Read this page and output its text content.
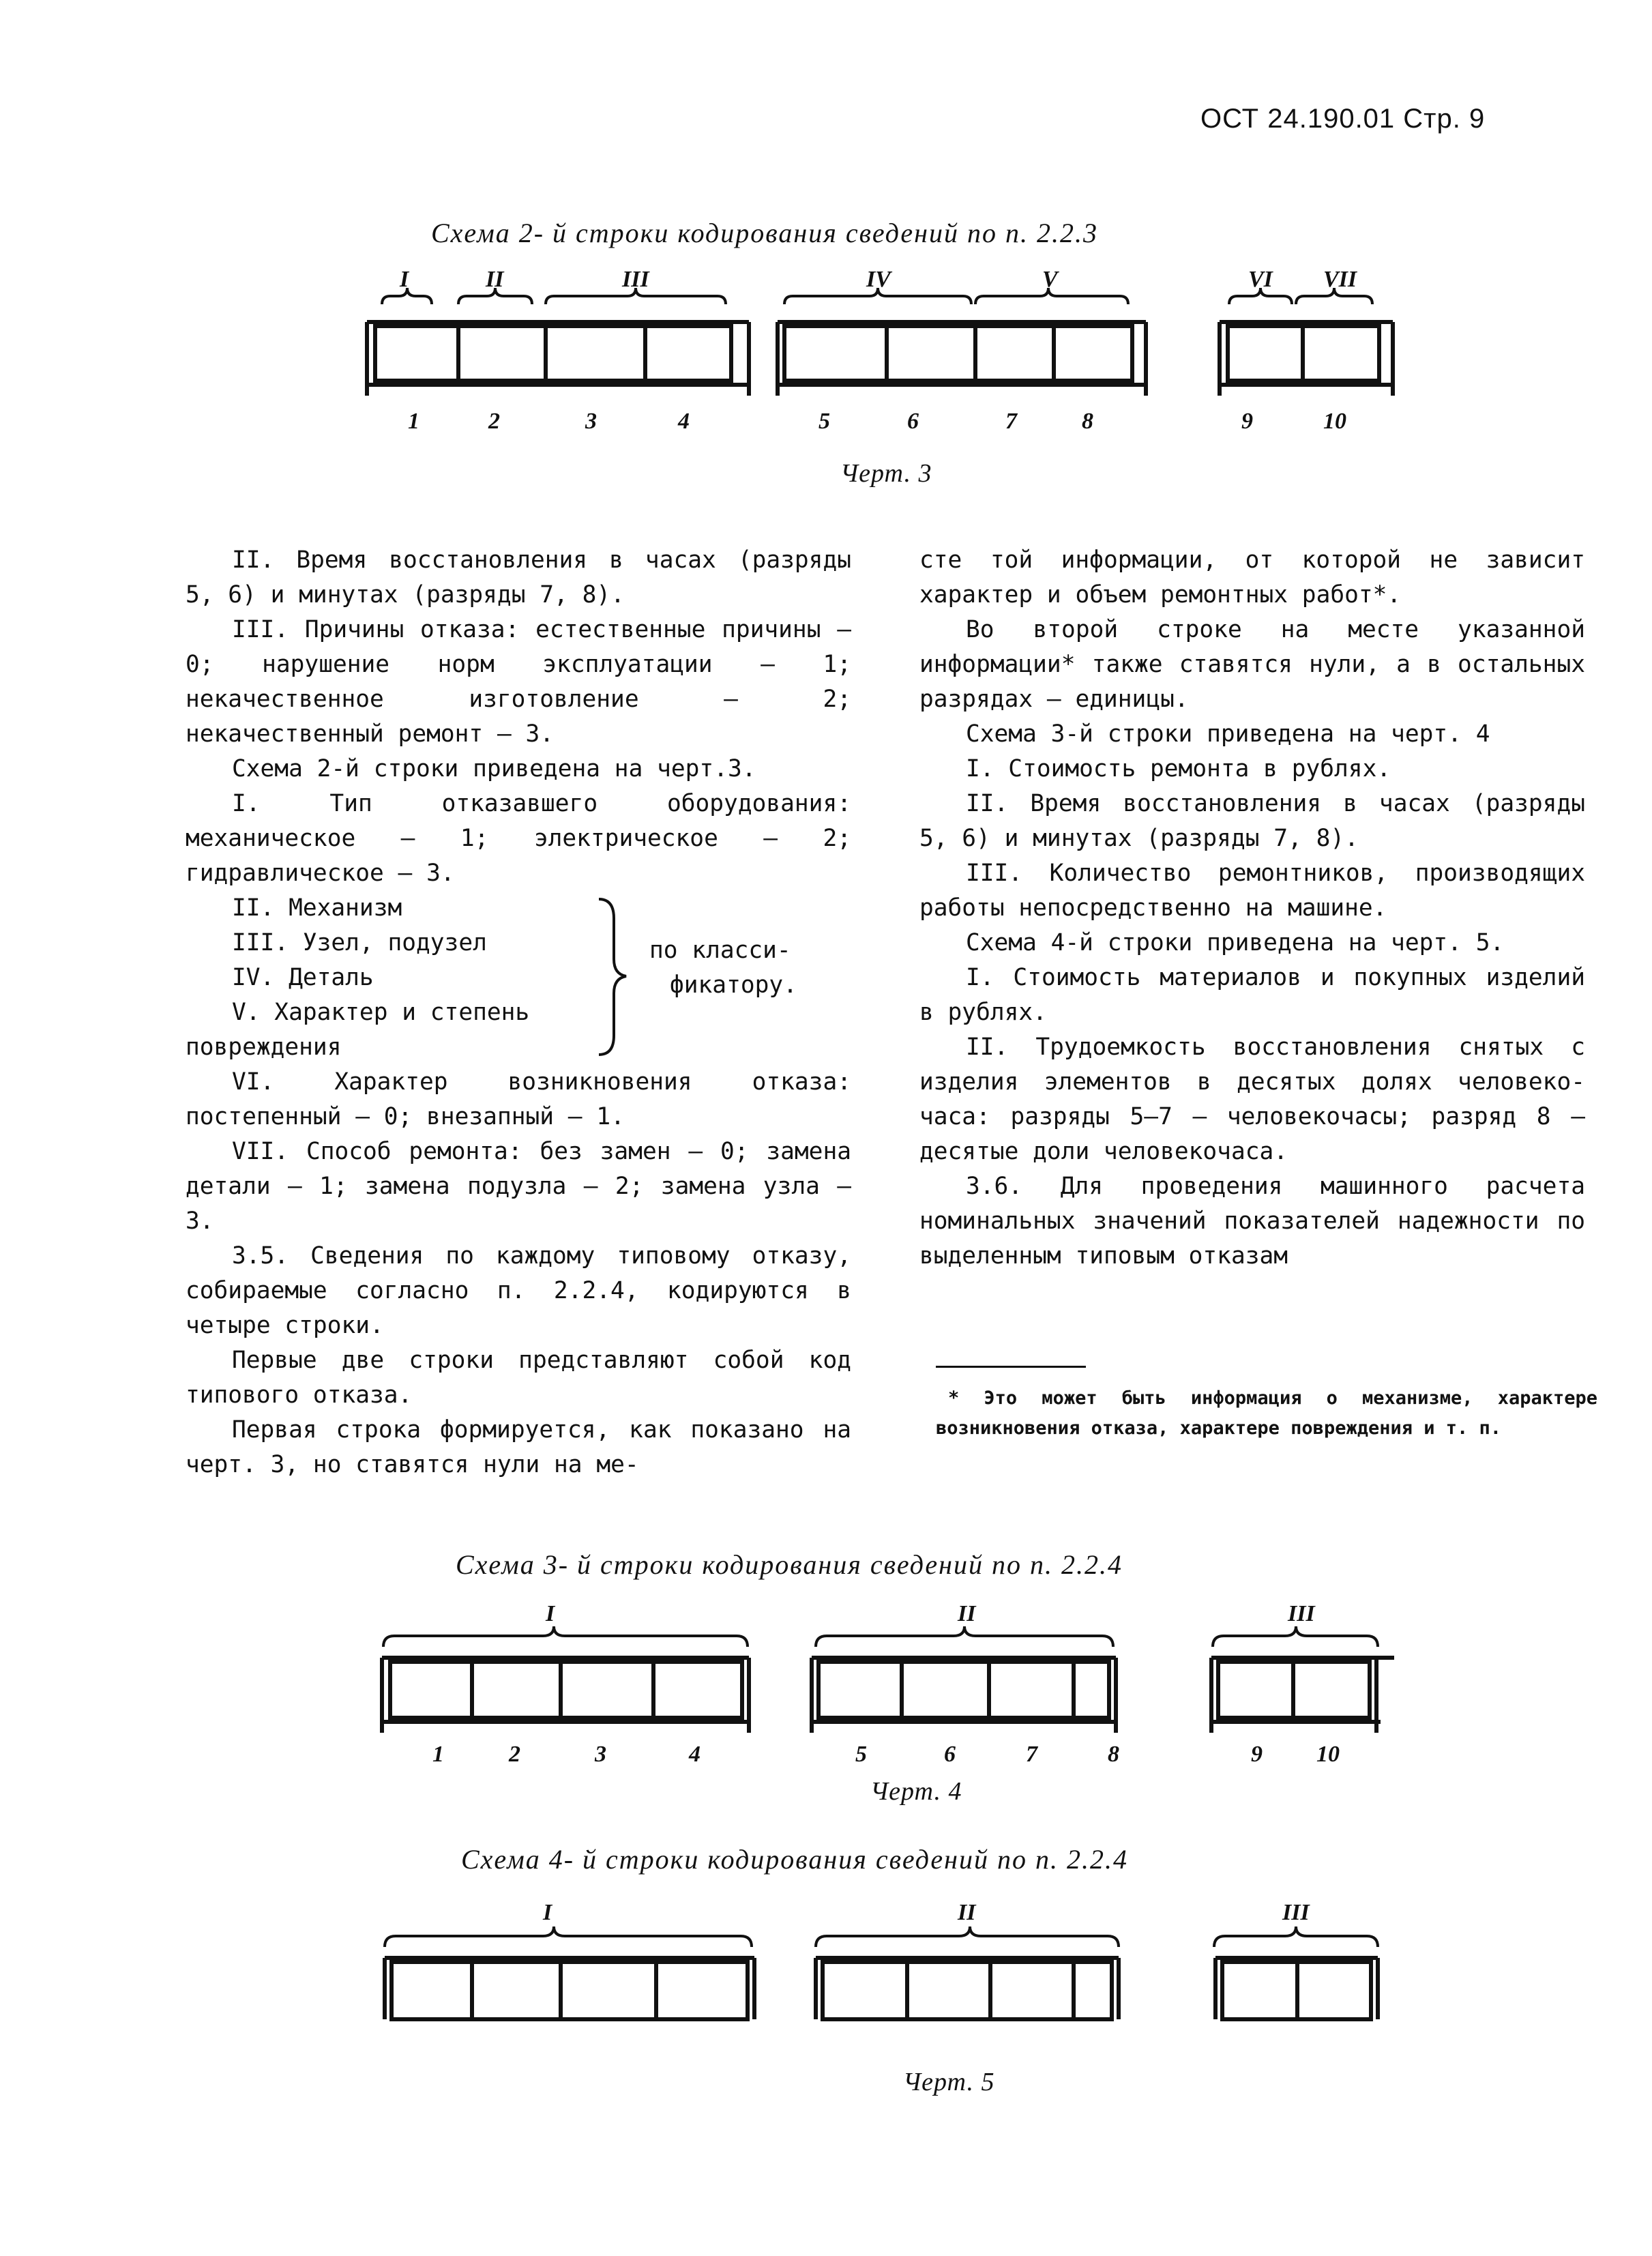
ОСТ 24.190.01 Стр. 9
Схема 2- й строки кодирования сведений по п. 2.2.3
I	II	III	IV	V	VI VII
1	2	3	4	5	6	7	8	9	10
Черт. 3

II. Время восстановления в часах (разряды 5, 6) и минутах (разряды 7, 8).

III. Причины отказа: естественные причины – 0; нарушение норм эксплуатации – 1; некачественное изготовление – 2; некачественный ремонт – 3.

Схема 2-й строки приведена на черт.3.

I. Тип отказавшего оборудования: механическое – 1; электрическое – 2; гидравлическое – 3.

II. Механизм
III. Узел, подузел
IV. Деталь
V. Характер и степень
повреждения
по класси-
фикатору.

VI. Характер возникновения отказа: постепенный – 0; внезапный – 1.

VII. Способ ремонта: без замен – 0; замена детали – 1; замена подузла – 2; замена узла – 3.

3.5. Сведения по каждому типовому отказу, собираемые согласно п. 2.2.4, кодируются в четыре строки.

Первые две строки представляют собой код типового отказа.

Первая строка формируется, как показано на черт. 3, но ставятся нули на ме-

сте той информации, от которой не зависит характер и объем ремонтных работ*.

Во второй строке на месте указанной информации* также ставятся нули, а в остальных разрядах – единицы.

Схема 3-й строки приведена на черт. 4

I. Стоимость ремонта в рублях.

II. Время восстановления в часах (разряды 5, 6) и минутах (разряды 7, 8).

III. Количество ремонтников, производящих работы непосредственно на машине.

Схема 4-й строки приведена на черт. 5.

I. Стоимость материалов и покупных изделий в рублях.

II. Трудоемкость восстановления снятых с изделия элементов в десятых долях человеко-часа: разряды 5–7 – человекочасы; разряд 8 – десятые доли человекочаса.

3.6. Для проведения машинного расчета номинальных значений показателей надежности по выделенным типовым отказам

* Это может быть информация о механизме, характере возникновения отказа, характере повреждения и т. п.

Схема 3- й строки кодирования сведений по п. 2.2.4
I	II	III
1	2	3	4	5	6	7	8	9 10
Черт. 4
Схема 4- й строки кодирования сведений по п. 2.2.4
I	II	III
Черт. 5
